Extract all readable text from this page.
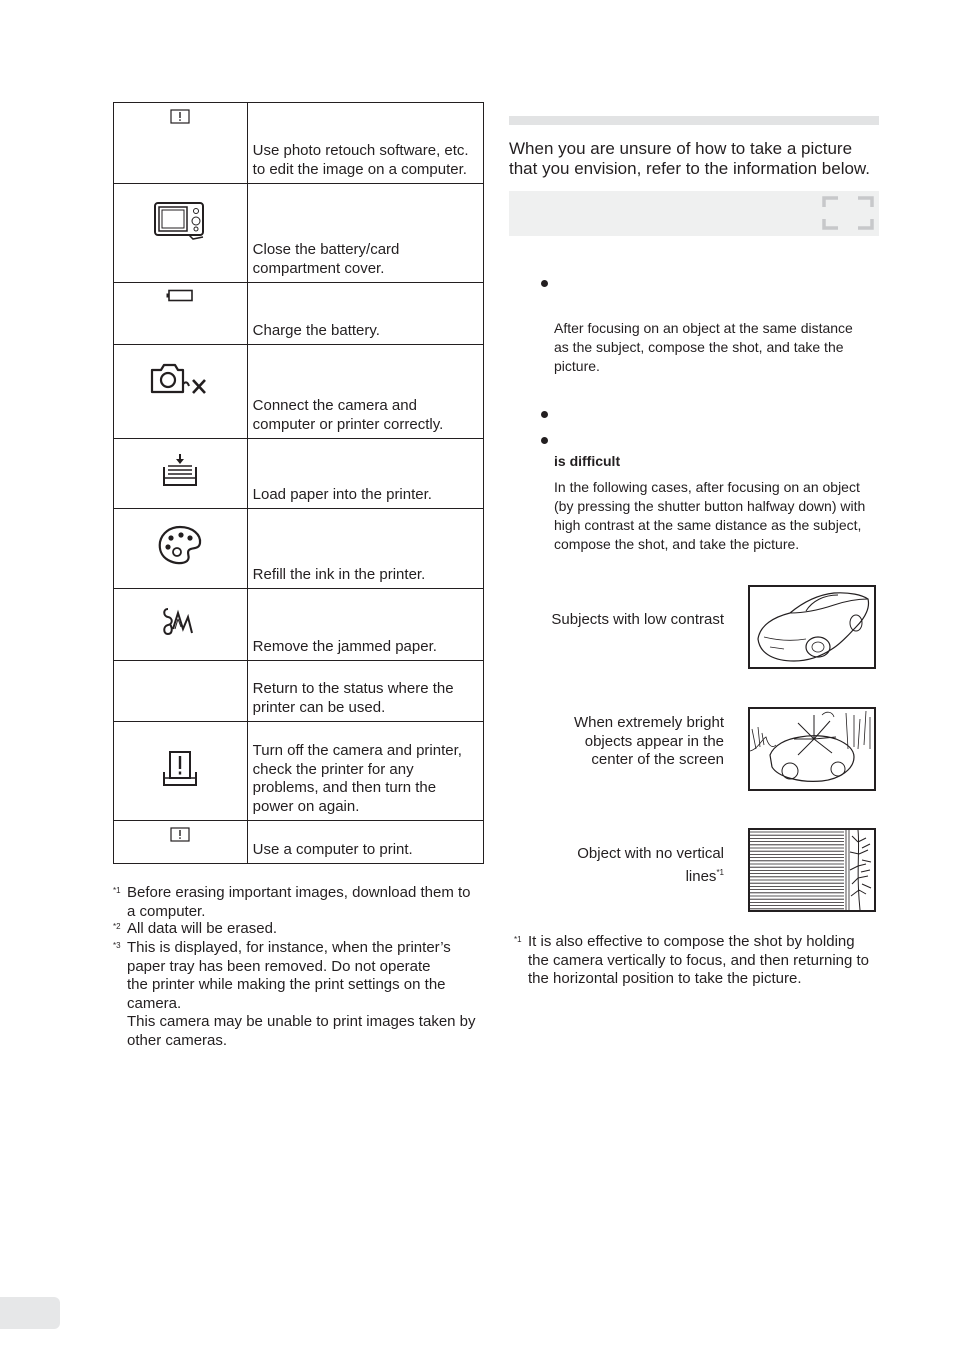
Use photo retouch software, etc. to edit the image on a computer.

Close the battery/card compartment cover.

Charge the battery.

Connect the camera and computer or printer correctly.

Load paper into the printer.

Refill the ink in the printer.

Remove the jammed paper.

	Return to the status where the printer can be used.

Turn off the camera and printer, check the printer for any problems, and then turn the power on again.

Use a computer to print.
*1 Before erasing important images, download them to
a computer.
*2 All data will be erased.
*3 This is displayed, for instance, when the printer’s
paper tray has been removed. Do not operate
the printer while making the print settings on the
camera.
This camera may be unable to print images taken by
other cameras.
When you are unsure of how to take a picture
that you envision, refer to the information below.
After focusing on an object at the same distance
as the subject, compose the shot, and take the
picture.
is difficult
In the following cases, after focusing on an object
(by pressing the shutter button halfway down) with
high contrast at the same distance as the subject,
compose the shot, and take the picture.
Subjects with low contrast
When extremely bright
objects appear in the
center of the screen
Object with no vertical
lines$^{*1}$
*1 It is also effective to compose the shot by holding
the camera vertically to focus, and then returning to
the horizontal position to take the picture.
